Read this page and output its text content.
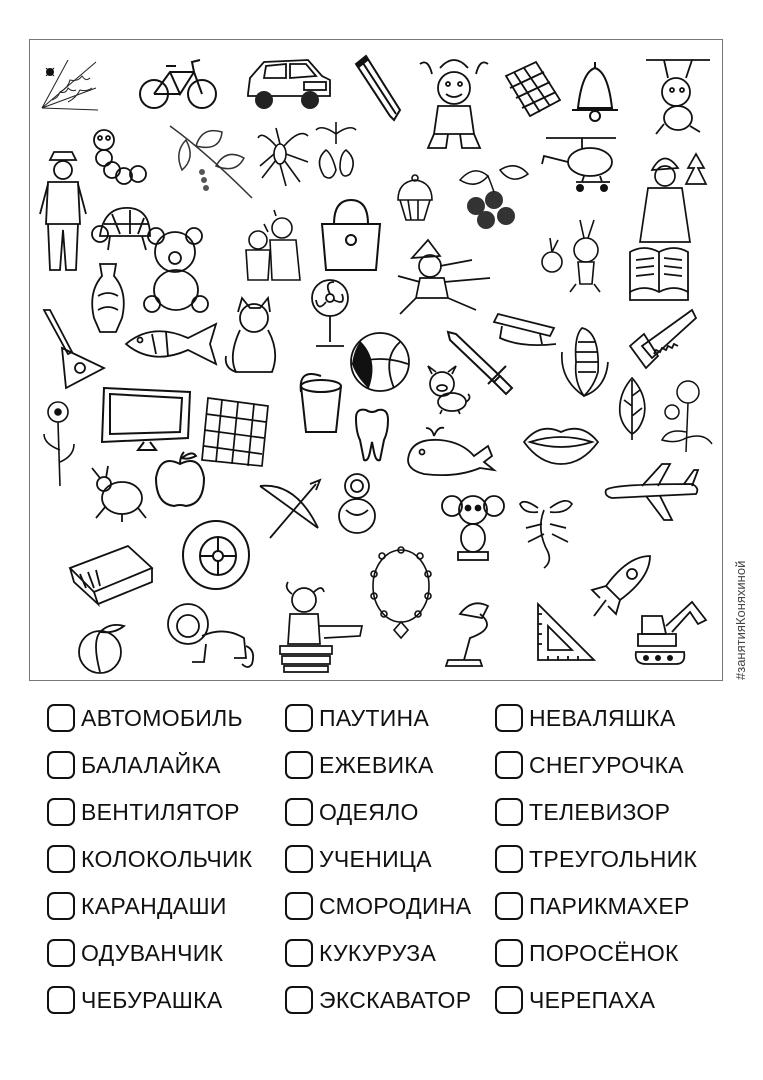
#занятияКоняхиной
АВТОМОБИЛЬ
БАЛАЛАЙКА
ВЕНТИЛЯТОР
КОЛОКОЛЬЧИК
КАРАНДАШИ
ОДУВАНЧИК
ЧЕБУРАШКА
ПАУТИНА
ЕЖЕВИКА
ОДЕЯЛО
УЧЕНИЦА
СМОРОДИНА
КУКУРУЗА
ЭКСКАВАТОР
НЕВАЛЯШКА
СНЕГУРОЧКА
ТЕЛЕВИЗОР
ТРЕУГОЛЬНИК
ПАРИКМАХЕР
ПОРОСЁНОК
ЧЕРЕПАХА
